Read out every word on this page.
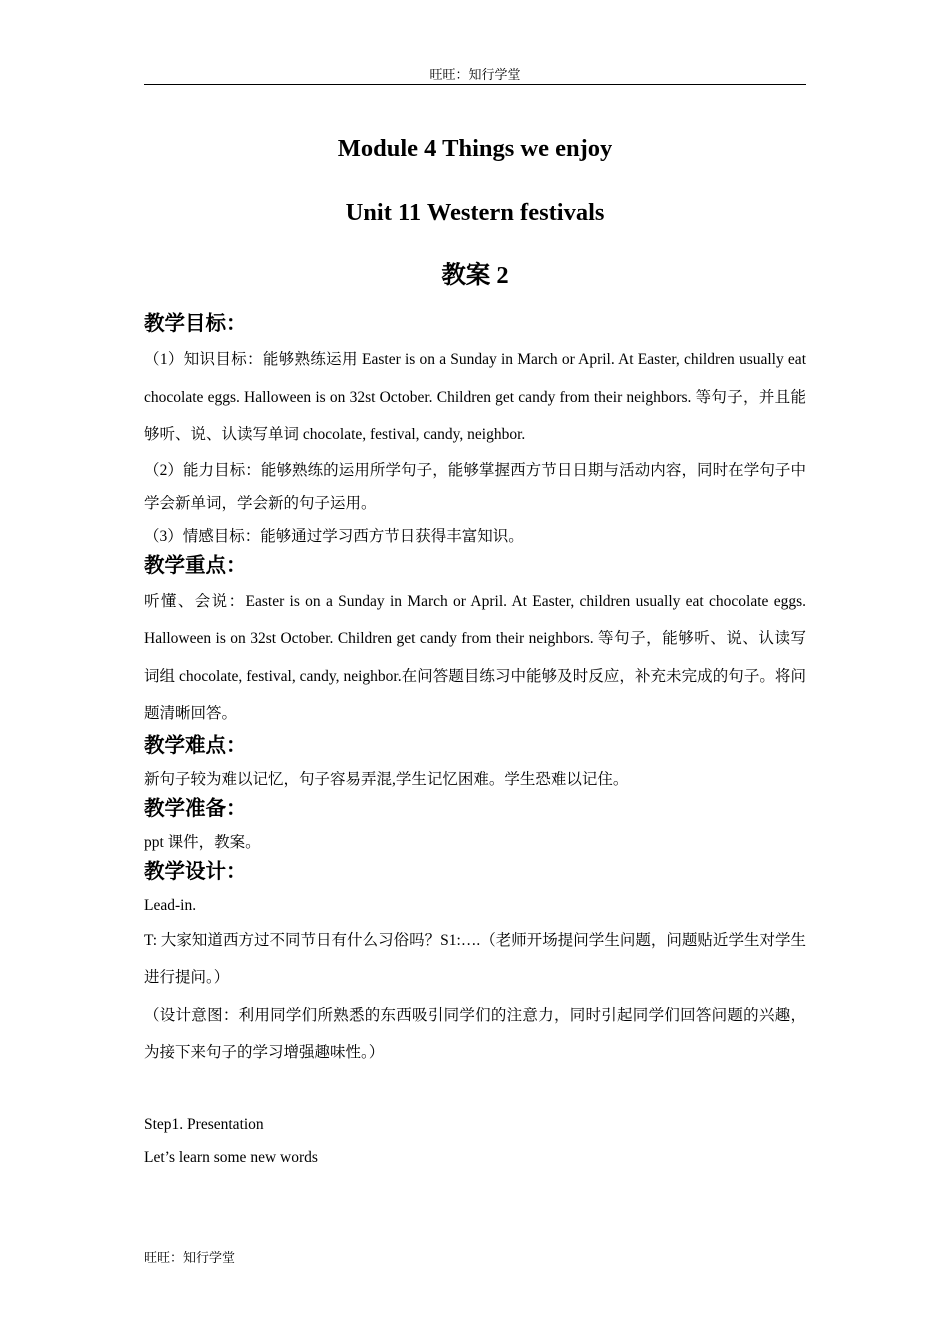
旺旺：知行学堂

Module 4 Things we enjoy

Unit 11 Western festivals

教案 2

教学目标：

（1）知识目标：能够熟练运用 Easter is on a Sunday in March or April. At Easter, children usually eat chocolate eggs. Halloween is on 32st October. Children get candy from their neighbors. 等句子，并且能够听、说、认读写单词 chocolate, festival, candy, neighbor.

（2）能力目标：能够熟练的运用所学句子，能够掌握西方节日日期与活动内容，同时在学句子中学会新单词，学会新的句子运用。

（3）情感目标：能够通过学习西方节日获得丰富知识。

教学重点：

听懂、会说：Easter is on a Sunday in March or April. At Easter, children usually eat chocolate eggs. Halloween is on 32st October. Children get candy from their neighbors. 等句子，能够听、说、认读写词组 chocolate, festival, candy, neighbor.在问答题目练习中能够及时反应，补充未完成的句子。将问题清晰回答。

教学难点：

新句子较为难以记忆，句子容易弄混,学生记忆困难。学生恐难以记住。

教学准备：

ppt 课件，教案。

教学设计：

Lead-in.

T: 大家知道西方过不同节日有什么习俗吗？S1:….（老师开场提问学生问题，问题贴近学生对学生进行提问。）

（设计意图：利用同学们所熟悉的东西吸引同学们的注意力，同时引起同学们回答问题的兴趣，为接下来句子的学习增强趣味性。）

Step1. Presentation

Let’s learn some new words

旺旺：知行学堂
